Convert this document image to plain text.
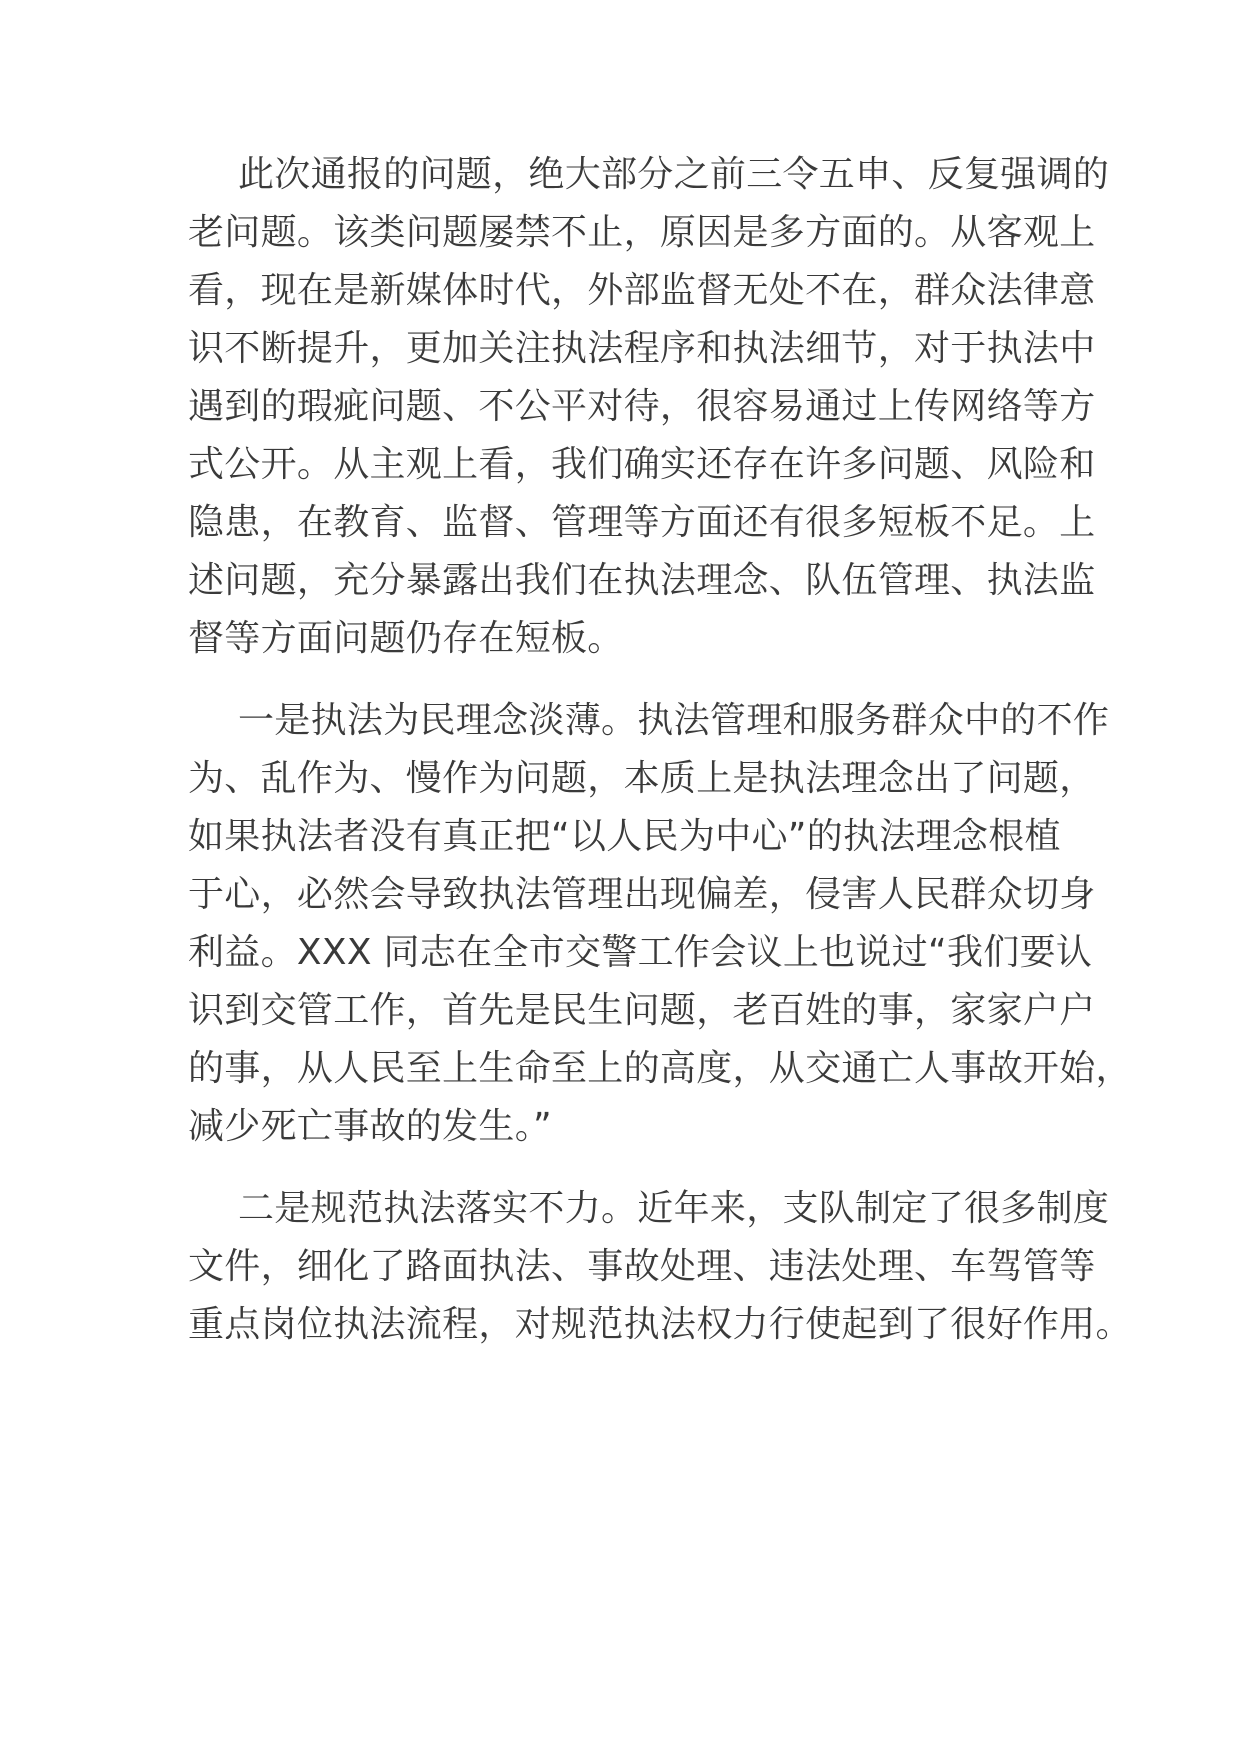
此次通报的问题，绝大部分之前三令五申、反复强调的
老问题。该类问题屡禁不止，原因是多方面的。从客观上
看，现在是新媒体时代，外部监督无处不在，群众法律意
识不断提升，更加关注执法程序和执法细节，对于执法中
遇到的瑕疵问题、不公平对待，很容易通过上传网络等方
式公开。从主观上看，我们确实还存在许多问题、风险和
隐患，在教育、监督、管理等方面还有很多短板不足。上
述问题，充分暴露出我们在执法理念、队伍管理、执法监
督等方面问题仍存在短板。
一是执法为民理念淡薄。执法管理和服务群众中的不作
为、乱作为、慢作为问题，本质上是执法理念出了问题，
如果执法者没有真正把“以人民为中心”的执法理念根植
于心，必然会导致执法管理出现偏差，侵害人民群众切身
利益。XXX 同志在全市交警工作会议上也说过“我们要认
识到交管工作，首先是民生问题，老百姓的事，家家户户
的事，从人民至上生命至上的高度，从交通亡人事故开始，
减少死亡事故的发生。”
二是规范执法落实不力。近年来，支队制定了很多制度
文件，细化了路面执法、事故处理、违法处理、车驾管等
重点岗位执法流程，对规范执法权力行使起到了很好作用。
